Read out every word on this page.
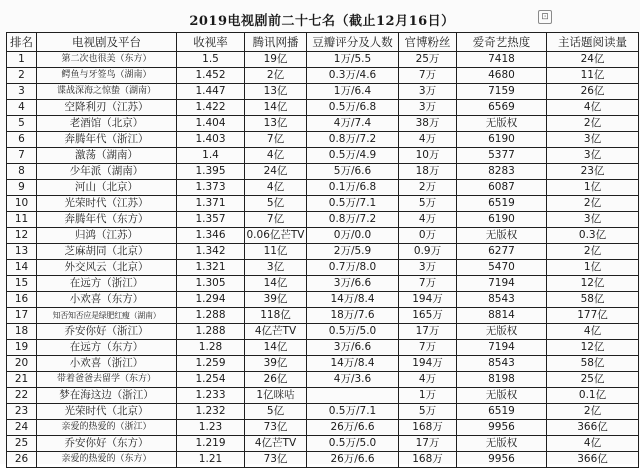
2019电视剧前二十七名（截止12月16日）	⊡
排名	电视剧及平台	收视率	腾讯网播	豆瓣评分及人数	官博粉丝	爱奇艺热度	主话题阅读量
1	第二次也很美（东方）	1.5	19亿	1万/5.5	25万	7418	24亿
2	鳄鱼与牙签鸟（湖南）	1.452	2亿	0.3万/4.6	7万	4680	11亿
3	谍战深海之惊蛰（湖南）	1.447	13亿	1万/6.4	3万	7159	26亿
4	空降利刃（江苏）	1.422	14亿	0.5万/6.8	3万	6569	4亿
5	老酒馆（北京）	1.404	13亿	4万/7.4	38万	无版权	2亿
6	奔腾年代（浙江）	1.403	7亿	0.8万/7.2	4万	6190	3亿
7	激荡（湖南）	1.4	4亿	0.5万/4.9	10万	5377	3亿
8	少年派（湖南）	1.395	24亿	5万/6.6	18万	8283	23亿
9	河山（北京）	1.373	4亿	0.1万/6.8	2万	6087	1亿
10	光荣时代（江苏）	1.371	5亿	0.5万/7.1	5万	6519	2亿
11	奔腾年代（东方）	1.357	7亿	0.8万/7.2	4万	6190	3亿
12	归鸿（江苏）	1.346	0.06亿芒TV	0万/0.0	0万	无版权	0.3亿
13	芝麻胡同（北京）	1.342	11亿	2万/5.9	0.9万	6277	2亿
14	外交风云（北京）	1.321	3亿	0.7万/8.0	3万	5470	1亿
15	在远方（浙江）	1.305	14亿	3万/6.6	7万	7194	12亿
16	小欢喜（东方）	1.294	39亿	14万/8.4	194万	8543	58亿
17	知否知否应是绿肥红瘦（湖南）	1.288	118亿	18万/7.6	165万	8814	177亿
18	乔安你好（浙江）	1.288	4亿芒TV	0.5万/5.0	17万	无版权	4亿
19	在远方（东方）	1.28	14亿	3万/6.6	7万	7194	12亿
20	小欢喜（浙江）	1.259	39亿	14万/8.4	194万	8543	58亿
21	带着爸爸去留学（东方）	1.254	26亿	4万/3.6	4万	8198	25亿
22	梦在海这边（浙江）	1.233	1亿咪咕		1万	无版权	0.1亿
23	光荣时代（北京）	1.232	5亿	0.5万/7.1	5万	6519	2亿
24	亲爱的热爱的（浙江）	1.23	73亿	26万/6.6	168万	9956	366亿
25	乔安你好（东方）	1.219	4亿芒TV	0.5万/5.0	17万	无版权	4亿
26	亲爱的热爱的（东方）	1.21	73亿	26万/6.6	168万	9956	366亿
